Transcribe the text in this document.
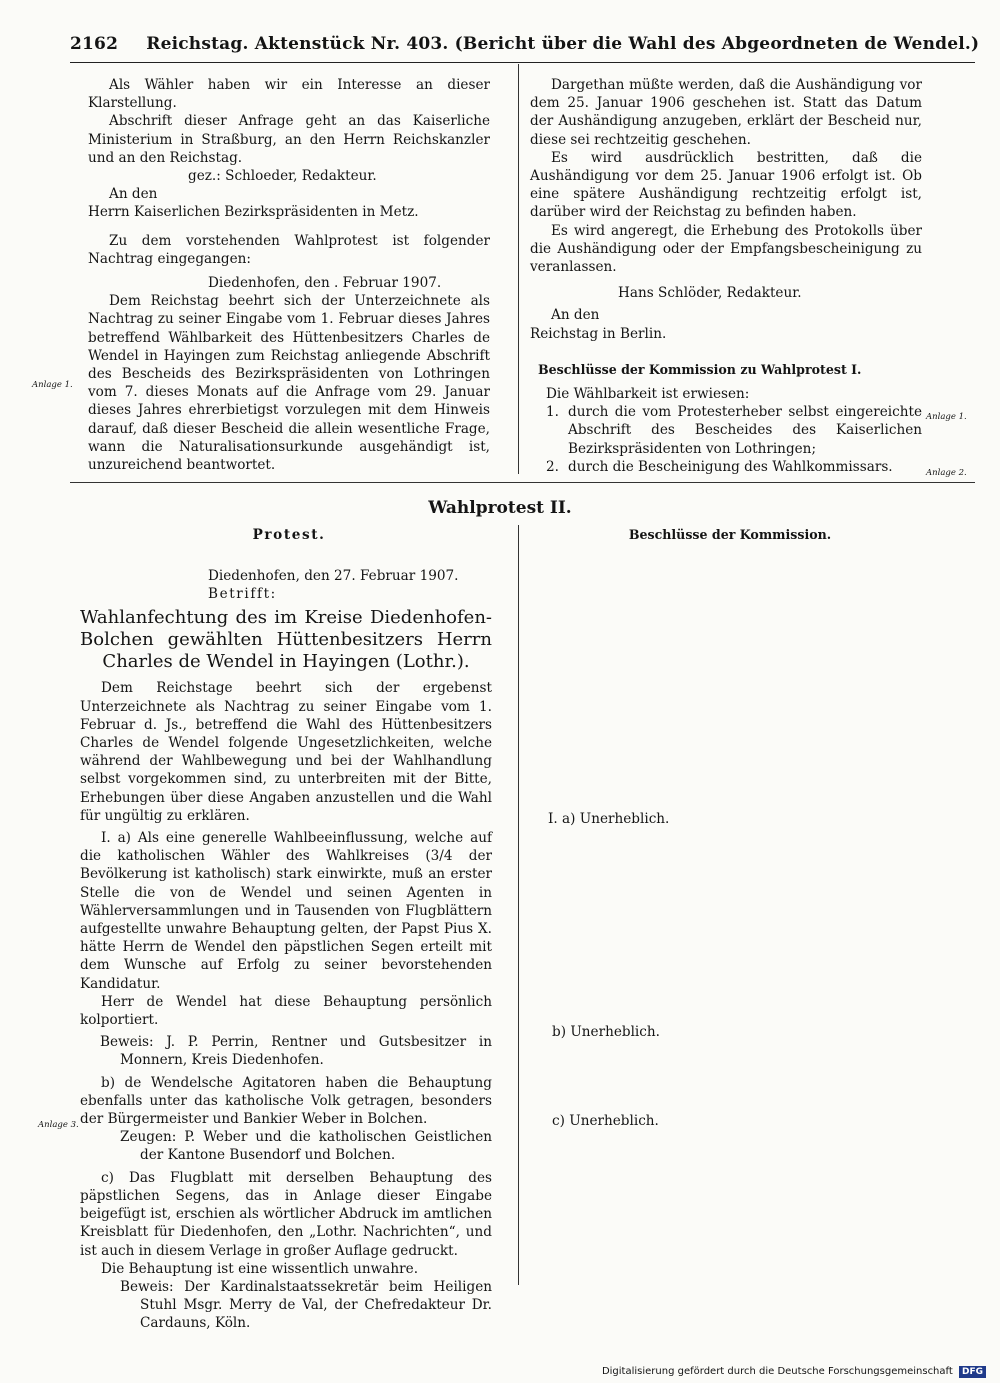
2162 Reichstag. Aktenstück Nr. 403. (Bericht über die Wahl des Abgeordneten de Wendel.)

Als Wähler haben wir ein Interesse an dieser Klarstellung.

Abschrift dieser Anfrage geht an das Kaiserliche Ministerium in Straßburg, an den Herrn Reichskanzler und an den Reichstag.

gez.: Schloeder, Redakteur.

An den

Herrn Kaiserlichen Bezirkspräsidenten in Metz.

Zu dem vorstehenden Wahlprotest ist folgender Nachtrag eingegangen:

Diedenhofen, den . Februar 1907.

Dem Reichstag beehrt sich der Unterzeichnete als Nachtrag zu seiner Eingabe vom 1. Februar dieses Jahres betreffend Wählbarkeit des Hüttenbesitzers Charles de Wendel in Hayingen zum Reichstag anliegende Abschrift des Bescheids des Bezirkspräsidenten von Lothringen vom 7. dieses Monats auf die Anfrage vom 29. Januar dieses Jahres ehrerbietigst vorzulegen mit dem Hinweis darauf, daß dieser Bescheid die allein wesentliche Frage, wann die Naturalisationsurkunde ausgehändigt ist, unzureichend beantwortet.

Anlage 1.

Dargethan müßte werden, daß die Aushändigung vor dem 25. Januar 1906 geschehen ist. Statt das Datum der Aushändigung anzugeben, erklärt der Bescheid nur, diese sei rechtzeitig geschehen.

Es wird ausdrücklich bestritten, daß die Aushändigung vor dem 25. Januar 1906 erfolgt ist. Ob eine spätere Aushändigung rechtzeitig erfolgt ist, darüber wird der Reichstag zu befinden haben.

Es wird angeregt, die Erhebung des Protokolls über die Aushändigung oder der Empfangsbescheinigung zu veranlassen.

Hans Schlöder, Redakteur.

An den

Reichstag in Berlin.

Beschlüsse der Kommission zu Wahlprotest I.

Die Wählbarkeit ist erwiesen:

1. durch die vom Protesterheber selbst eingereichte Abschrift des Bescheides des Kaiserlichen Bezirkspräsidenten von Lothringen;
2. durch die Bescheinigung des Wahlkommissars.
Anlage 1.
Anlage 2.
Wahlprotest II.
Protest.	Beschlüsse der Kommission.

Diedenhofen, den 27. Februar 1907.

Betrifft:

Wahlanfechtung des im Kreise Diedenhofen-Bolchen gewählten Hüttenbesitzers Herrn Charles de Wendel in Hayingen (Lothr.).

Dem Reichstage beehrt sich der ergebenst Unterzeichnete als Nachtrag zu seiner Eingabe vom 1. Februar d. Js., betreffend die Wahl des Hüttenbesitzers Charles de Wendel folgende Ungesetzlichkeiten, welche während der Wahlbewegung und bei der Wahlhandlung selbst vorgekommen sind, zu unterbreiten mit der Bitte, Erhebungen über diese Angaben anzustellen und die Wahl für ungültig zu erklären.

I. a) Als eine generelle Wahlbeeinflussung, welche auf die katholischen Wähler des Wahlkreises (3/4 der Bevölkerung ist katholisch) stark einwirkte, muß an erster Stelle die von de Wendel und seinen Agenten in Wählerversammlungen und in Tausenden von Flugblättern aufgestellte unwahre Behauptung gelten, der Papst Pius X. hätte Herrn de Wendel den päpstlichen Segen erteilt mit dem Wunsche auf Erfolg zu seiner bevorstehenden Kandidatur.

Herr de Wendel hat diese Behauptung persönlich kolportiert.

Beweis: J. P. Perrin, Rentner und Gutsbesitzer in Monnern, Kreis Diedenhofen.

b) de Wendelsche Agitatoren haben die Behauptung ebenfalls unter das katholische Volk getragen, besonders der Bürgermeister und Bankier Weber in Bolchen.

Zeugen: P. Weber und die katholischen Geistlichen der Kantone Busendorf und Bolchen.

c) Das Flugblatt mit derselben Behauptung des päpstlichen Segens, das in Anlage dieser Eingabe beigefügt ist, erschien als wörtlicher Abdruck im amtlichen Kreisblatt für Diedenhofen, den „Lothr. Nachrichten“, und ist auch in diesem Verlage in großer Auflage gedruckt.

Die Behauptung ist eine wissentlich unwahre.

Beweis: Der Kardinalstaatssekretär beim Heiligen Stuhl Msgr. Merry de Val, der Chefredakteur Dr. Cardauns, Köln.

Anlage 3.
I. a) Unerheblich.
b) Unerheblich.
c) Unerheblich.
Digitalisierung gefördert durch die Deutsche Forschungsgemeinschaft DFG
